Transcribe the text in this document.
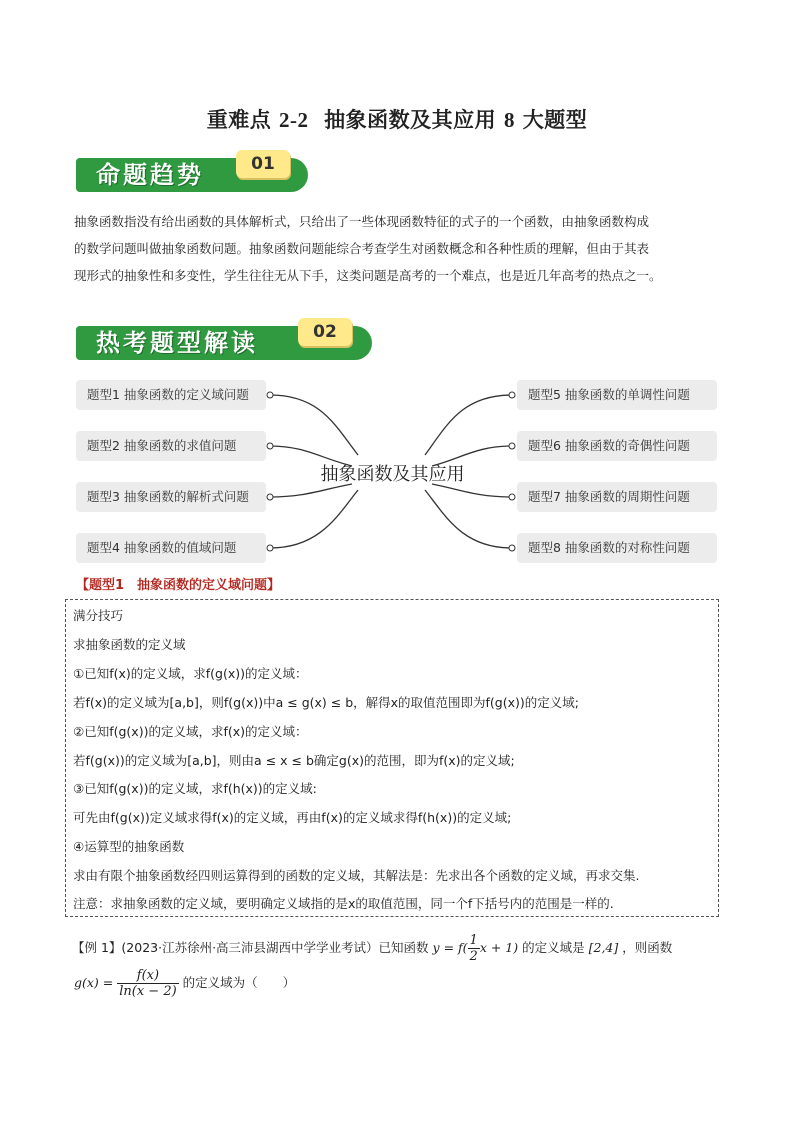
重难点 2-2 抽象函数及其应用 8 大题型
命题趋势	01
抽象函数指没有给出函数的具体解析式，只给出了一些体现函数特征的式子的一个函数，由抽象函数构成
的数学问题叫做抽象函数问题。抽象函数问题能综合考查学生对函数概念和各种性质的理解，但由于其表
现形式的抽象性和多变性，学生往往无从下手，这类问题是高考的一个难点，也是近几年高考的热点之一。
热考题型解读	02
抽象函数及其应用
题型1 抽象函数的定义域问题
题型2 抽象函数的求值问题
题型3 抽象函数的解析式问题
题型4 抽象函数的值域问题
题型5 抽象函数的单调性问题
题型6 抽象函数的奇偶性问题
题型7 抽象函数的周期性问题
题型8 抽象函数的对称性问题
【题型1　抽象函数的定义域问题】
满分技巧
求抽象函数的定义域
①已知f(x)的定义域，求f(g(x))的定义域：
若f(x)的定义域为[a,b]，则f(g(x))中a ≤ g(x) ≤ b，解得x的取值范围即为f(g(x))的定义域;
②已知f(g(x))的定义域，求f(x)的定义域：
若f(g(x))的定义域为[a,b]，则由a ≤ x ≤ b确定g(x)的范围，即为f(x)的定义域;
③已知f(g(x))的定义域，求f(h(x))的定义域:
可先由f(g(x))定义域求得f(x)的定义域，再由f(x)的定义域求得f(h(x))的定义域;
④运算型的抽象函数
求由有限个抽象函数经四则运算得到的函数的定义域，其解法是：先求出各个函数的定义域，再求交集.
注意：求抽象函数的定义域，要明确定义域指的是x的取值范围，同一个f下括号内的范围是一样的.
【例 1】(2023·江苏徐州·高三沛县湖西中学学业考试）已知函数 $y = f( \frac{1}{2}$ x + 1) 的定义域是 [2,4] ，则函数
$g(x) = \frac{f(x)}{\ln(x - 2)}$ 的定义域为（　　）
